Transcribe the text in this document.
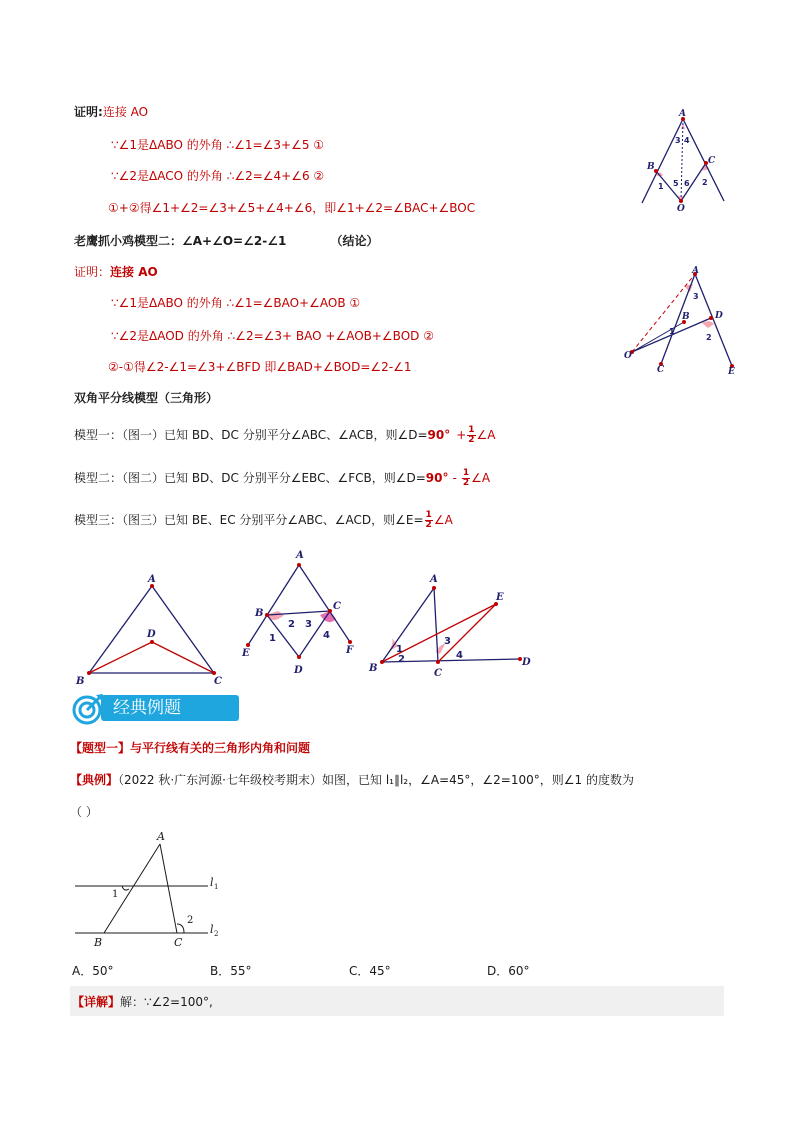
证明:连接 AO
∵∠1是ΔABO 的外角 ∴∠1=∠3+∠5 ①
∵∠2是ΔACO 的外角 ∴∠2=∠4+∠6 ②
①+②得∠1+∠2=∠3+∠5+∠4+∠6，即∠1+∠2=∠BAC+∠BOC
A
B
C
O
3 4
1	2
5 6
老鹰抓小鸡模型二：∠A+∠O=∠2-∠1	（结论）
证明：连接 AO
∵∠1是ΔABO 的外角 ∴∠1=∠BAO+∠AOB ①
∵∠2是ΔAOD 的外角 ∴∠2=∠3+ BAO +∠AOB+∠BOD ②
②-①得∠2-∠1=∠3+∠BFD 即∠BAD+∠BOD=∠2-∠1
A
B	D
O
C	E
3
1
2
双角平分线模型（三角形）
模型一：（图一）已知 BD、DC 分别平分∠ABC、∠ACB，则∠D=90° + $\frac{1}{2}$ ∠A
模型二：（图二）已知 BD、DC 分别平分∠EBC、∠FCB，则∠D=90° - $\frac{1}{2}$ ∠A
模型三：（图三）已知 BE、EC 分别平分∠ABC、∠ACD，则∠E= $\frac{1}{2}$ ∠A
A
D
B	C
A
B
C
D
E	F
1
2 3
4
A
B	C
D
E
1
2
3
4
经典例题
【题型一】与平行线有关的三角形内角和问题
【典例】（2022 秋·广东河源·七年级校考期末）如图，已知 l₁∥l₂，∠A=45°，∠2=100°，则∠1 的度数为
（ ）
A
B	C
l
l
1
2
1
2
A．50°	B．55°	C．45°	D．60°
【详解】解：∵∠2=100°,
